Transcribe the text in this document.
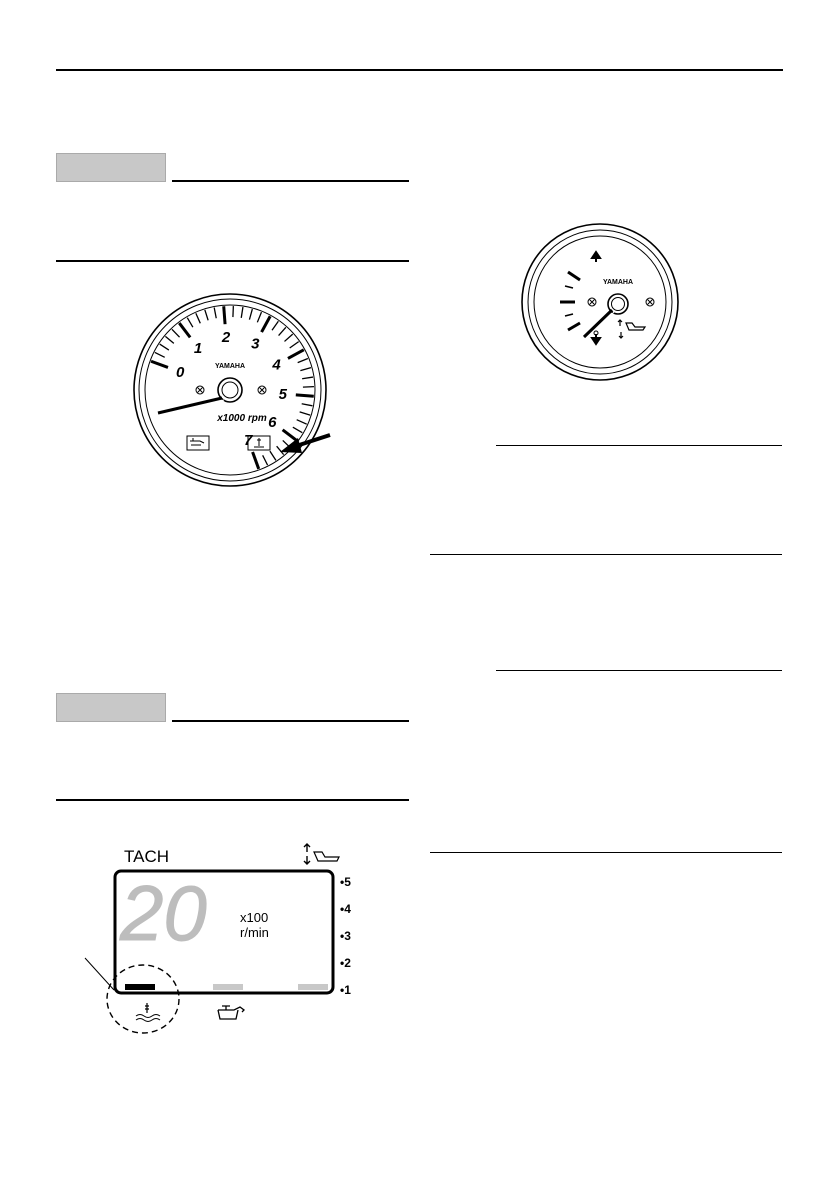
0
1
2 3
4
5
6
7
YAMAHA
x1000 rpm
TACH
20	x100
r/min
•5
•4
•3
•2
•1
YAMAHA
